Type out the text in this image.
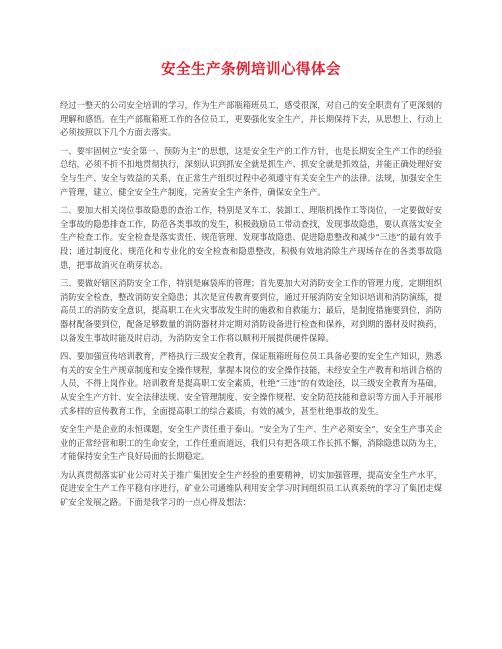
安全生产条例培训心得体会

经过一整天的公司安全培训的学习，作为生产部瓶箱班员工，感受很深，对自己的安全职责有了更深刻的理解和感悟。在生产部瓶箱班工作的各位员工，更要强化安全生产，并长期保持下去，从思想上、行动上必须按照以下几个方面去落实。

一、要牢固树立“安全第一、预防为主”的思想，这是安全生产的工作方针，也是长期安全生产工作的经验总结，必须不折不扣地贯彻执行，深刻认识到抓安全就是抓生产、抓安全就是抓效益，并能正确处理好安全与生产、安全与效益的关系，在正常生产组织过程中必须遵守有关安全生产的法律、法规，加强安全生产管理，建立、健全安全生产制度，完善安全生产条件，确保安全生产。

二、要加大相关岗位事故隐患的查治工作，特别是叉车工、装卸工、理瓶机操作工等岗位，一定要做好安全事故的隐患排查工作，防范各类事故的发生，积极鼓励员工带动查找，发现事故隐患，要认真落实安全生产检查工作。安全检查是落实责任、规范管理、发现事故隐患、促进隐患整改和减少“三违”的最有效手段；通过制度化、规范化和专业化的安全检查和隐患整改，积极有效地消除生产现场存在的各类事故隐患，把事故消灭在萌芽状态。

三、要做好辖区消防安全工作，特别是麻袋库的管理；首先要加大对消防安全工作的管理力度，定期组织消防安全检查，整改消防安全隐患；其次是宣传教育要到位，通过开展消防安全知识培训和消防演练，提高员工的消防安全意识，提高职工在火灾事故发生时的施救和自救能力；最后，是制度措施要到位，消防器材配备要到位，配备足够数量的消防器材并定期对消防设备进行检查和保养，对到期的器材及时换药，以备发生事故时能及时启动，为消防安全工作将以顺利开展提供硬件保障。

四、要加强宣传培训教育，严格执行三级安全教育，保证瓶箱班每位员工具备必要的安全生产知识，熟悉有关的安全生产规章制度和安全操作规程，掌握本岗位的安全操作技能，未经安全生产教育和培训合格的人员，不得上岗作业。培训教育是提高职工安全素质，杜绝“三违”的有效途径，以三级安全教育为基础，从安全生产方针、安全法律法规、安全管理制度、安全操作规程、安全防范技能和意识等方面入手开展形式多样的宣传教育工作，全面提高职工的综合素质，有效的减少，甚至杜绝事故的发生。

安全生产是企业的永恒课题，安全生产责任重于泰山。“安全为了生产、生产必须安全”，安全生产事关企业的正常经营和职工的生命安全，工作任重而道远，我们只有把各项工作长抓不懈，消除隐患以防为主，才能保持安全生产良好局面的长期稳定。

为认真贯彻落实矿业公司对关于推广集团安全生产经验的重要精神，切实加强管理，提高安全生产水平，促进安全生产工作平稳有序进行，矿业公司通维队利用安全学习时间组织员工认真系统的学习了集团走煤矿安全发展之路。下面是我学习的一点心得及想法：
